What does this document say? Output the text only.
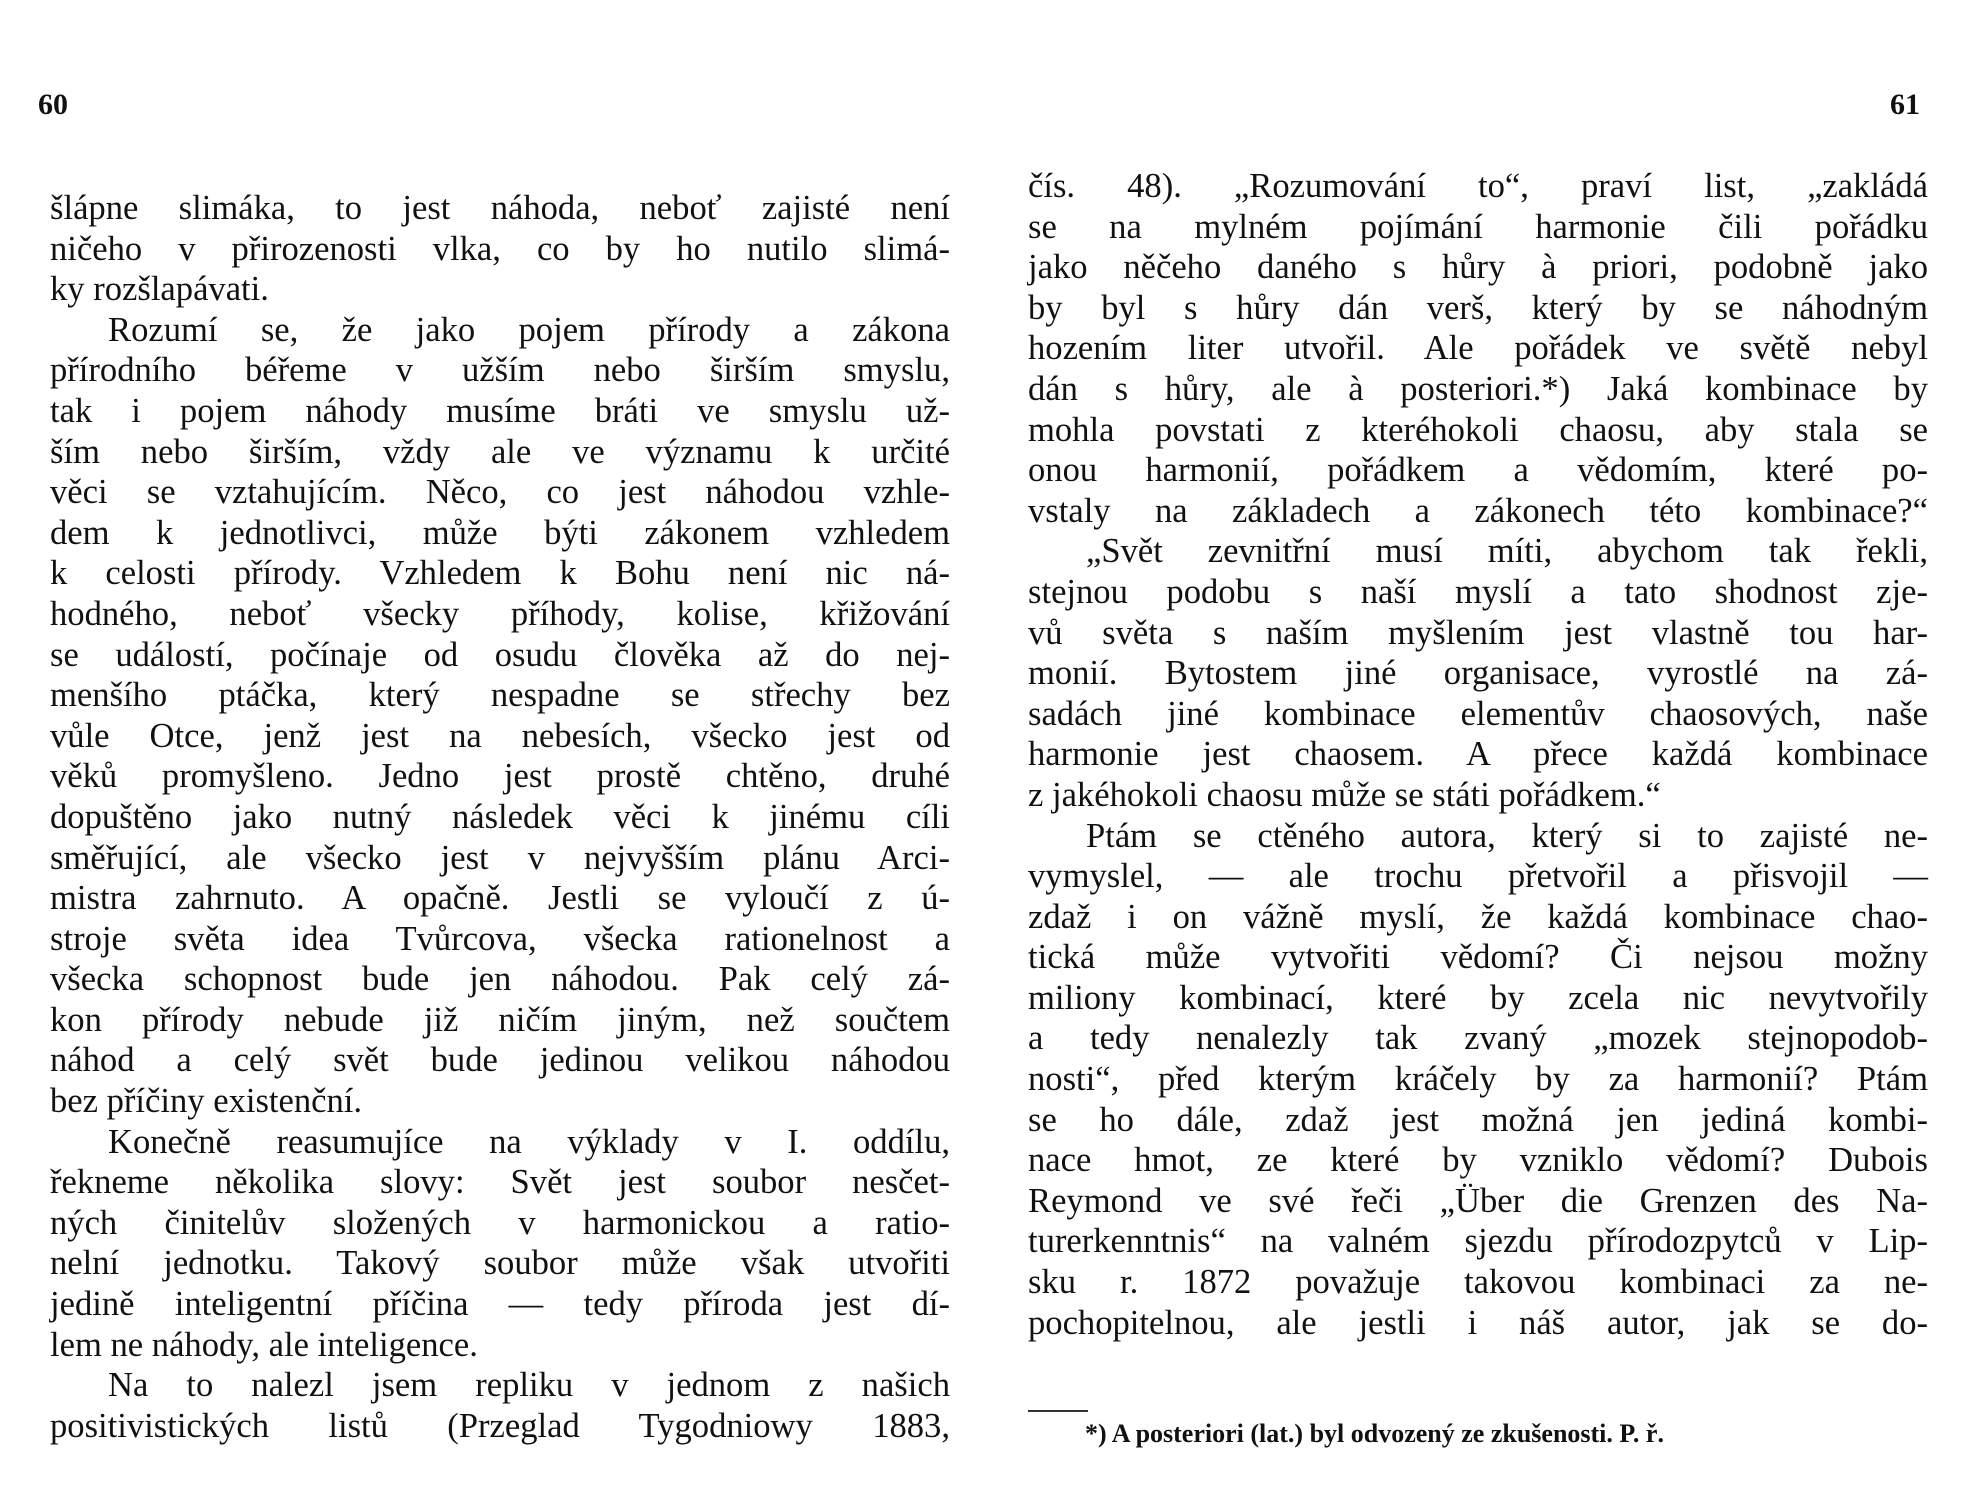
60	61
šlápne slimáka, to jest náhoda, neboť zajisté není
ničeho v přirozenosti vlka, co by ho nutilo slimá-
ky rozšlapávati.
Rozumí se, že jako pojem přírody a zákona
přírodního béřeme v užším nebo širším smyslu,
tak i pojem náhody musíme bráti ve smyslu už-
ším nebo širším, vždy ale ve významu k určité
věci se vztahujícím. Něco, co jest náhodou vzhle-
dem k jednotlivci, může býti zákonem vzhledem
k celosti přírody. Vzhledem k Bohu není nic ná-
hodného, neboť všecky příhody, kolise, křižování
se událostí, počínaje od osudu člověka až do nej-
menšího ptáčka, který nespadne se střechy bez
vůle Otce, jenž jest na nebesích, všecko jest od
věků promyšleno. Jedno jest prostě chtěno, druhé
dopuštěno jako nutný následek věci k jinému cíli
směřující, ale všecko jest v nejvyšším plánu Arci-
mistra zahrnuto. A opačně. Jestli se vyloučí z ú-
stroje světa idea Tvůrcova, všecka rationelnost a
všecka schopnost bude jen náhodou. Pak celý zá-
kon přírody nebude již ničím jiným, než součtem
náhod a celý svět bude jedinou velikou náhodou
bez příčiny existenční.
Konečně reasumujíce na výklady v I. oddílu,
řekneme několika slovy: Svět jest soubor nesčet-
ných činitelův složených v harmonickou a ratio-
nelní jednotku. Takový soubor může však utvořiti
jedině inteligentní příčina — tedy příroda jest dí-
lem ne náhody, ale inteligence.
Na to nalezl jsem repliku v jednom z našich
positivistických listů (Przeglad Tygodniowy 1883,
čís. 48). „Rozumování to“, praví list, „zakládá
se na mylném pojímání harmonie čili pořádku
jako něčeho daného s hůry à priori, podobně jako
by byl s hůry dán verš, který by se náhodným
hozením liter utvořil. Ale pořádek ve světě nebyl
dán s hůry, ale à posteriori.*) Jaká kombinace by
mohla povstati z kteréhokoli chaosu, aby stala se
onou harmonií, pořádkem a vědomím, které po-
vstaly na základech a zákonech této kombinace?“
„Svět zevnitřní musí míti, abychom tak řekli,
stejnou podobu s naší myslí a tato shodnost zje-
vů světa s naším myšlením jest vlastně tou har-
monií. Bytostem jiné organisace, vyrostlé na zá-
sadách jiné kombinace elementův chaosových, naše
harmonie jest chaosem. A přece každá kombinace
z jakéhokoli chaosu může se státi pořádkem.“
Ptám se ctěného autora, který si to zajisté ne-
vymyslel, — ale trochu přetvořil a přisvojil —
zdaž i on vážně myslí, že každá kombinace chao-
tická může vytvořiti vědomí? Či nejsou možny
miliony kombinací, které by zcela nic nevytvořily
a tedy nenalezly tak zvaný „mozek stejnopodob-
nosti“, před kterým kráčely by za harmonií? Ptám
se ho dále, zdaž jest možná jen jediná kombi-
nace hmot, ze které by vzniklo vědomí? Dubois
Reymond ve své řeči „Über die Grenzen des Na-
turerkenntnis“ na valném sjezdu přírodozpytců v Lip-
sku r. 1872 považuje takovou kombinaci za ne-
pochopitelnou, ale jestli i náš autor, jak se do-
*) A posteriori (lat.) byl odvozený ze zkušenosti. P. ř.
